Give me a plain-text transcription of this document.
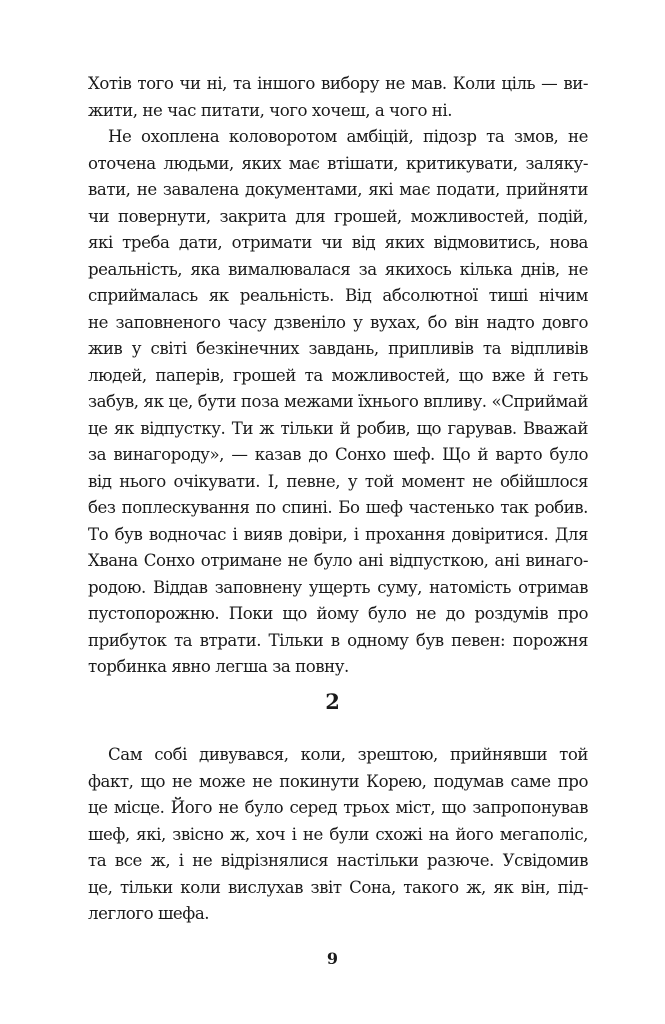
Хотів того чи ні, та іншого вибору не мав. Коли ціль — ви-
жити, не час питати, чого хочеш, а чого ні.
Не охоплена коловоротом амбіцій, підозр та змов, не
оточена людьми, яких має втішати, критикувати, заляку-
вати, не завалена документами, які має подати, прийняти
чи повернути, закрита для грошей, можливостей, подій,
які треба дати, отримати чи від яких відмовитись, нова
реальність, яка вималювалася за якихось кілька днів, не
сприймалась як реальність. Від абсолютної тиші нічим
не заповненого часу дзвеніло у вухах, бо він надто довго
жив у світі безкінечних завдань, припливів та відпливів
людей, паперів, грошей та можливостей, що вже й геть
забув, як це, бути поза межами їхнього впливу. «Сприймай
це як відпустку. Ти ж тільки й робив, що гарував. Вважай
за винагороду», — казав до Сонхо шеф. Що й варто було
від нього очікувати. І, певне, у той момент не обійшлося
без поплескування по спині. Бо шеф частенько так робив.
То був водночас і вияв довіри, і прохання довіритися. Для
Хвана Сонхо отримане не було ані відпусткою, ані винаго-
родою. Віддав заповнену ущерть суму, натомість отримав
пустопорожню. Поки що йому було не до роздумів про
прибуток та втрати. Тільки в одному був певен: порожня
торбинка явно легша за повну.
2
Сам собі дивувався, коли, зрештою, прийнявши той
факт, що не може не покинути Корею, подумав саме про
це місце. Його не було серед трьох міст, що запропонував
шеф, які, звісно ж, хоч і не були схожі на його мегаполіс,
та все ж, і не відрізнялися настільки разюче. Усвідомив
це, тільки коли вислухав звіт Сона, такого ж, як він, під-
леглого шефа.
9
